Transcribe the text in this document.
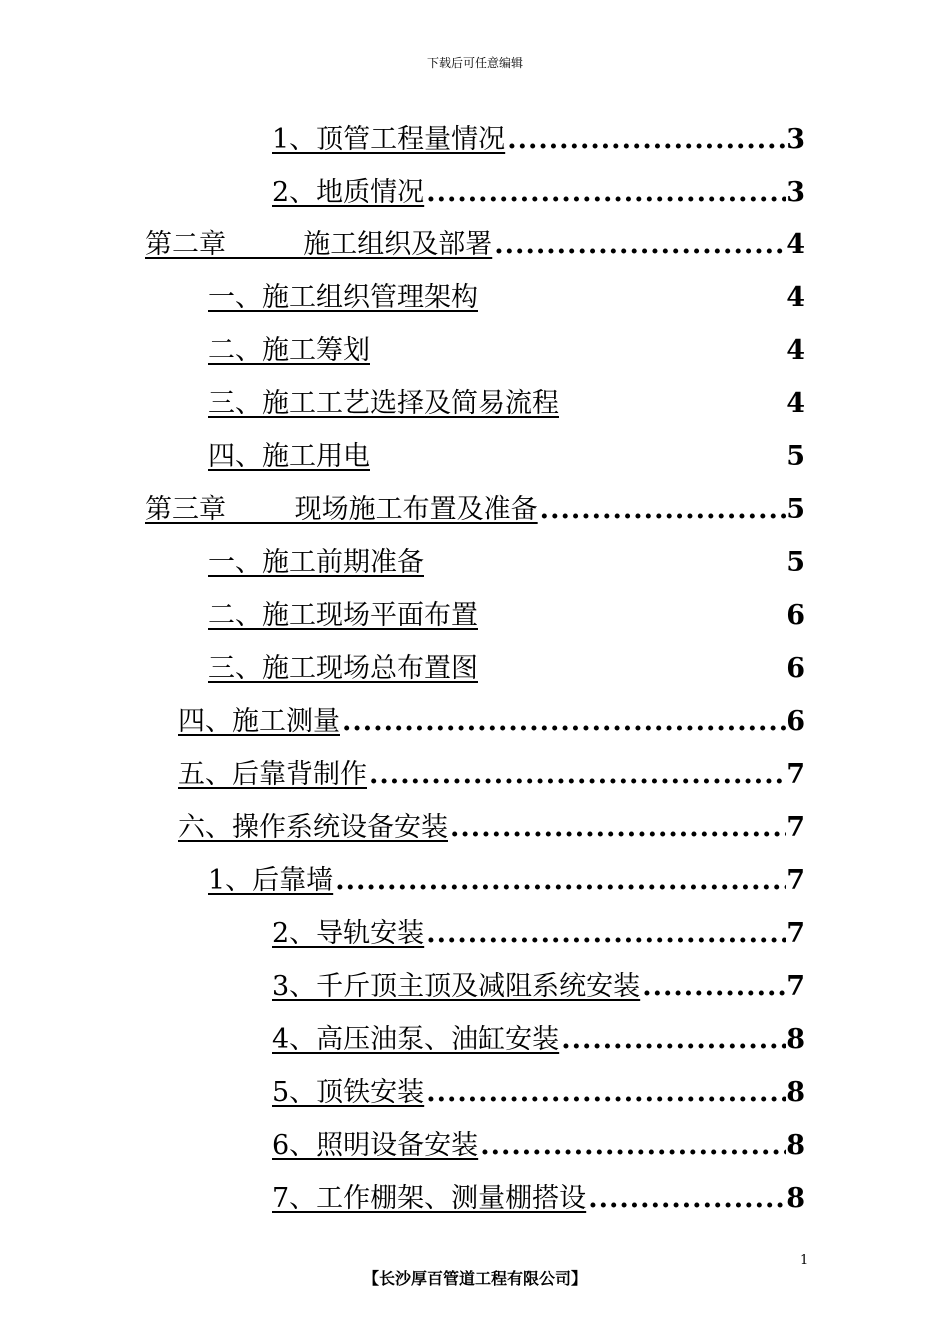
下载后可任意编辑
1、顶管工程量情况 .....	3
2、地质情况 .....	3
第二章         施工组织及部署 .....	4
一、施工组织管理架构	4
二、施工筹划	4
三、施工工艺选择及简易流程	4
四、施工用电	5
第三章        现场施工布置及准备 .....	5
一、施工前期准备	5
二、施工现场平面布置	6
三、施工现场总布置图	6
四、施工测量 .....	6
五、后靠背制作 .....	7
六、操作系统设备安装 .....	7
1、后靠墙 .....	7
2、导轨安装 .....	7
3、千斤顶主顶及减阻系统安装 .....	7
4、高压油泵、油缸安装 .....	8
5、顶铁安装 .....	8
6、照明设备安装 .....	8
7、工作棚架、测量棚搭设 .....	8
1
【长沙厚百管道工程有限公司】
